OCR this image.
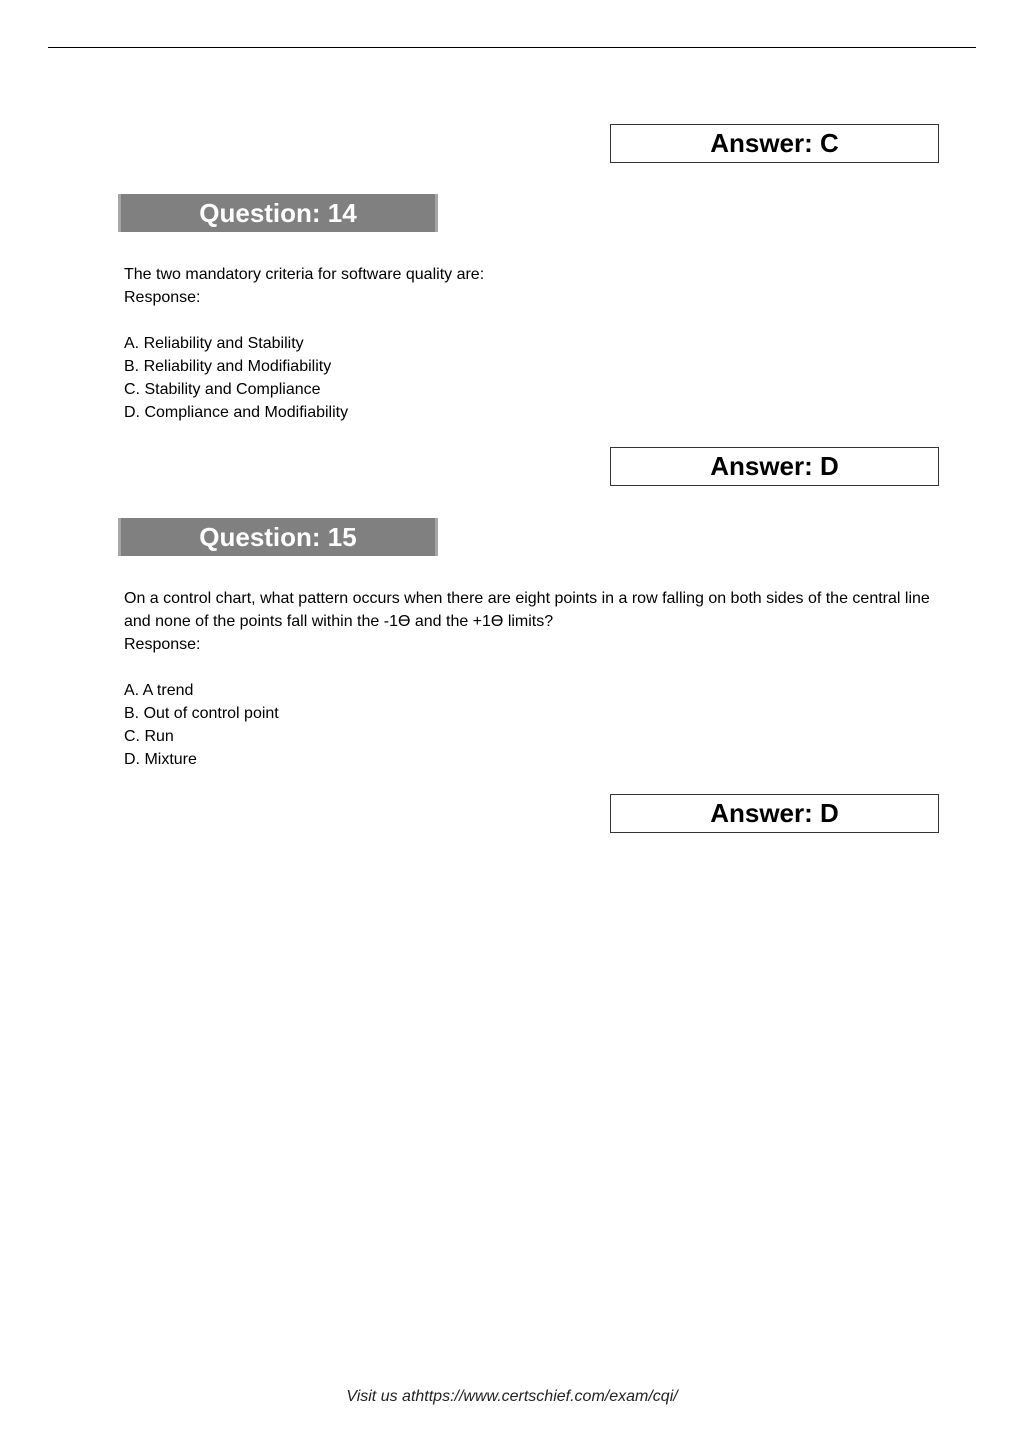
Answer: C
Question: 14

The two mandatory criteria for software quality are:

Response:

A. Reliability and Stability
B. Reliability and Modifiability
C. Stability and Compliance
D. Compliance and Modifiability
Answer: D
Question: 15

On a control chart, what pattern occurs when there are eight points in a row falling on both sides of the central line and none of the points fall within the -1ϴ and the +1ϴ limits?

Response:

A. A trend
B. Out of control point
C. Run
D. Mixture
Answer: D
Visit us athttps://www.certschief.com/exam/cqi/
